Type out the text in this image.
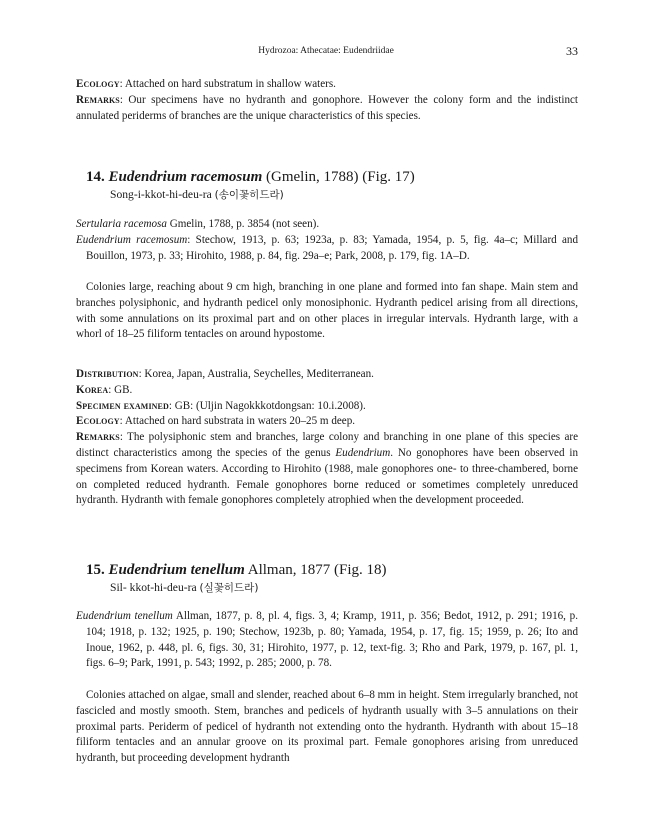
Hydrozoa: Athecatae: Eudendriidae	33
Ecology: Attached on hard substratum in shallow waters.
Remarks: Our specimens have no hydranth and gonophore. However the colony form and the indistinct annulated periderms of branches are the unique characteristics of this species.
14. Eudendrium racemosum (Gmelin, 1788) (Fig. 17)
Song-i-kkot-hi-deu-ra (송이꽃히드라)
Sertularia racemosa Gmelin, 1788, p. 3854 (not seen).
Eudendrium racemosum: Stechow, 1913, p. 63; 1923a, p. 83; Yamada, 1954, p. 5, fig. 4a–c; Millard and Bouillon, 1973, p. 33; Hirohito, 1988, p. 84, fig. 29a–e; Park, 2008, p. 179, fig. 1A–D.
Colonies large, reaching about 9 cm high, branching in one plane and formed into fan shape. Main stem and branches polysiphonic, and hydranth pedicel only monosiphonic. Hydranth pedicel arising from all directions, with some annulations on its proximal part and on other places in irregular intervals. Hydranth large, with a whorl of 18–25 filiform tentacles on around hypostome.
Distribution: Korea, Japan, Australia, Seychelles, Mediterranean.
Korea: GB.
Specimen examined: GB: (Uljin Nagokkkotdongsan: 10.i.2008).
Ecology: Attached on hard substrata in waters 20–25 m deep.
Remarks: The polysiphonic stem and branches, large colony and branching in one plane of this species are distinct characteristics among the species of the genus Eudendrium. No gonophores have been observed in specimens from Korean waters. According to Hirohito (1988, male gonophores one- to three-chambered, borne on completed reduced hydranth. Female gonophores borne reduced or sometimes completely unreduced hydranth. Hydranth with female gonophores completely atrophied when the development proceeded.
15. Eudendrium tenellum Allman, 1877 (Fig. 18)
Sil- kkot-hi-deu-ra (실꽃히드라)
Eudendrium tenellum Allman, 1877, p. 8, pl. 4, figs. 3, 4; Kramp, 1911, p. 356; Bedot, 1912, p. 291; 1916, p. 104; 1918, p. 132; 1925, p. 190; Stechow, 1923b, p. 80; Yamada, 1954, p. 17, fig. 15; 1959, p. 26; Ito and Inoue, 1962, p. 448, pl. 6, figs. 30, 31; Hirohito, 1977, p. 12, text-fig. 3; Rho and Park, 1979, p. 167, pl. 1, figs. 6–9; Park, 1991, p. 543; 1992, p. 285; 2000, p. 78.
Colonies attached on algae, small and slender, reached about 6–8 mm in height. Stem irregularly branched, not fascicled and mostly smooth. Stem, branches and pedicels of hydranth usually with 3–5 annulations on their proximal parts. Periderm of pedicel of hydranth not extending onto the hydranth. Hydranth with about 15–18 filiform tentacles and an annular groove on its proximal part. Female gonophores arising from unreduced hydranth, but proceeding development hydranth
